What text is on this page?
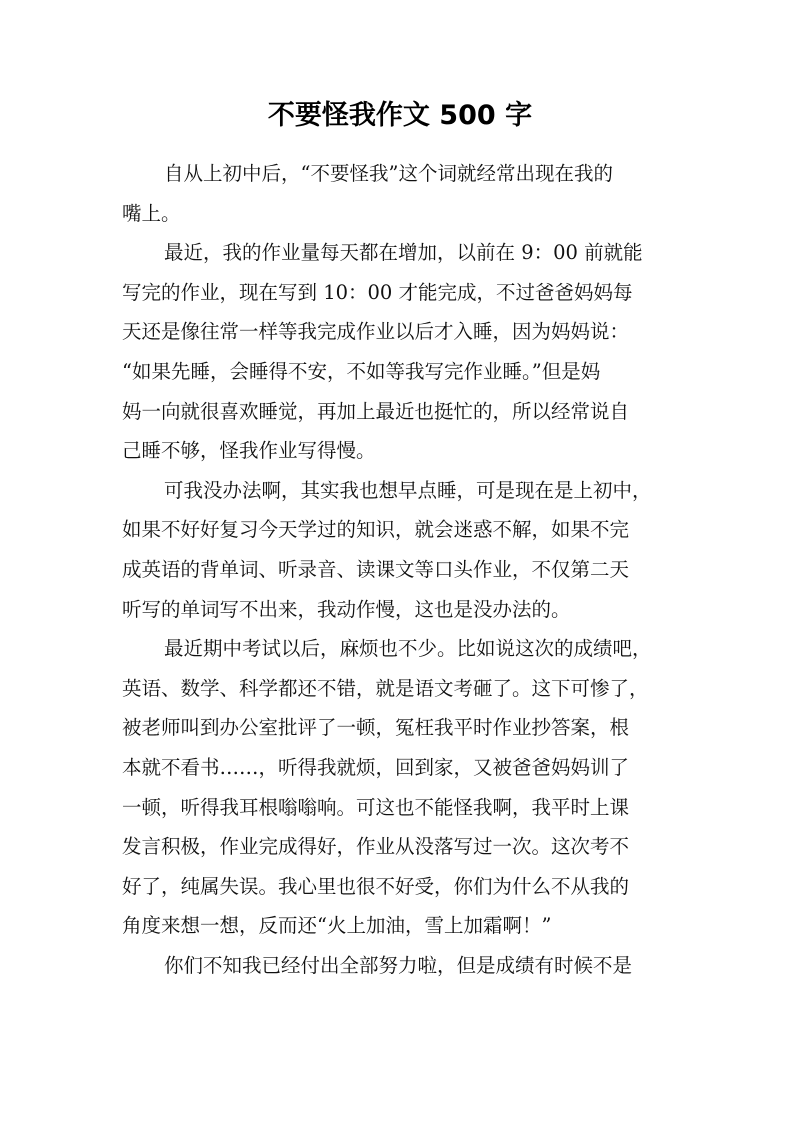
不要怪我作文 500 字

自从上初中后，“不要怪我”这个词就经常出现在我的
嘴上。

最近，我的作业量每天都在增加，以前在 9：00 前就能
写完的作业，现在写到 10：00 才能完成，不过爸爸妈妈每
天还是像往常一样等我完成作业以后才入睡，因为妈妈说：
“如果先睡，会睡得不安，不如等我写完作业睡。”但是妈
妈一向就很喜欢睡觉，再加上最近也挺忙的，所以经常说自
己睡不够，怪我作业写得慢。

可我没办法啊，其实我也想早点睡，可是现在是上初中，
如果不好好复习今天学过的知识，就会迷惑不解，如果不完
成英语的背单词、听录音、读课文等口头作业，不仅第二天
听写的单词写不出来，我动作慢，这也是没办法的。

最近期中考试以后，麻烦也不少。比如说这次的成绩吧，
英语、数学、科学都还不错，就是语文考砸了。这下可惨了，
被老师叫到办公室批评了一顿，冤枉我平时作业抄答案，根
本就不看书……，听得我就烦，回到家，又被爸爸妈妈训了
一顿，听得我耳根嗡嗡响。可这也不能怪我啊，我平时上课
发言积极，作业完成得好，作业从没落写过一次。这次考不
好了，纯属失误。我心里也很不好受，你们为什么不从我的
角度来想一想，反而还“火上加油，雪上加霜啊！”

你们不知我已经付出全部努力啦，但是成绩有时候不是
